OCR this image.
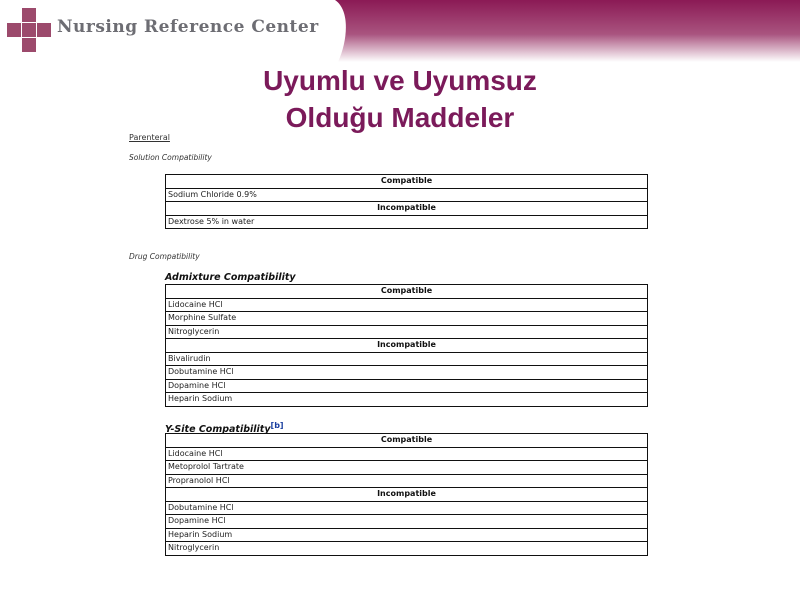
Nursing Reference Center
Uyumlu ve Uyumsuz
Olduğu Maddeler
Parenteral
Solution Compatibility
Compatible
Sodium Chloride 0.9%
Incompatible
Dextrose 5% in water
Drug Compatibility
Admixture Compatibility
Compatible
Lidocaine HCl
Morphine Sulfate
Nitroglycerin
Incompatible
Bivalirudin
Dobutamine HCl
Dopamine HCl
Heparin Sodium
Y-Site Compatibility[b]
Compatible
Lidocaine HCl
Metoprolol Tartrate
Propranolol HCl
Incompatible
Dobutamine HCl
Dopamine HCl
Heparin Sodium
Nitroglycerin
